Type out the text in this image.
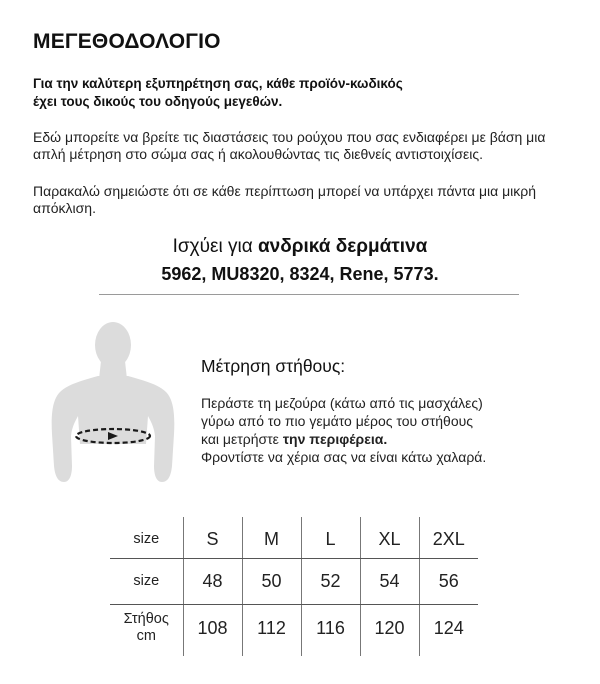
ΜΕΓΕΘΟΔΟΛΟΓΙΟ
Για την καλύτερη εξυπηρέτηση σας, κάθε προϊόν-κωδικός
έχει τους δικούς του οδηγούς μεγεθών.
Εδώ μπορείτε να βρείτε τις διαστάσεις του ρούχου που σας ενδιαφέρει με βάση μια απλή μέτρηση στο σώμα σας ή ακολουθώντας τις διεθνείς αντιστοιχίσεις.
Παρακαλώ σημειώστε ότι σε κάθε περίπτωση μπορεί να υπάρχει πάντα μια μικρή απόκλιση.
Ισχύει για ανδρικά δερμάτινα
5962, MU8320, 8324, Rene, 5773.
Μέτρηση στήθους:
Περάστε τη μεζούρα (κάτω από τις μασχάλες)
γύρω από το πιο γεμάτο μέρος του στήθους
και μετρήστε την περιφέρεια.
Φροντίστε να χέρια σας να είναι κάτω χαλαρά.
size	S	M	L	XL	2XL

size	48	50	52	54	56

Στήθος
cm	108	112	116	120	124
